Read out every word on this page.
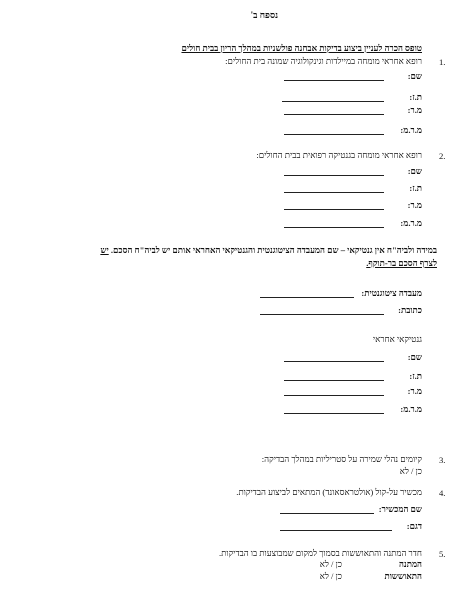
נספח ב'
טופס הכרה לעניין ביצוע בדיקות אבחנה פולשניות במהלך הריון בבית חולים
1.
רופא אחראי מומחה במיילדות וגינקולוגיה שמונה בית החולים:
שם:
ת.ז:
מ.ר:
מ.ר.מ:
2.
רופא אחראי מומחה בגנטיקה רפואית בבית החולים:
שם:
ת.ז:
מ.ר:
מ.ר.מ:
במידה ולביה"ח אין גנטיקאי – שם המעבדה הציטוגנטית והגנטיקאי האחראי אותם יש לביה"ח הסכם. יש
לצרף הסכם בר-תוקף.
מעבדה ציטוגנטית:
כתובת:
גנטיקאי אחראי
שם:
ת.ז:
מ.ר:
מ.ר.מ:
3.
קיומים נהלי שמירה על סטריליות במהלך הבדיקה:
כן / לא
4.
מכשיר על-קול (אולטראסאונד) המתאים לביצוע הבדיקות.
שם המכשיר:
דגם:
5.
חדר המתנה והתאוששות בסמוך למקום שמבוצעות בו הבדיקות.
המתנה
כן / לא
התאוששות
כן / לא
